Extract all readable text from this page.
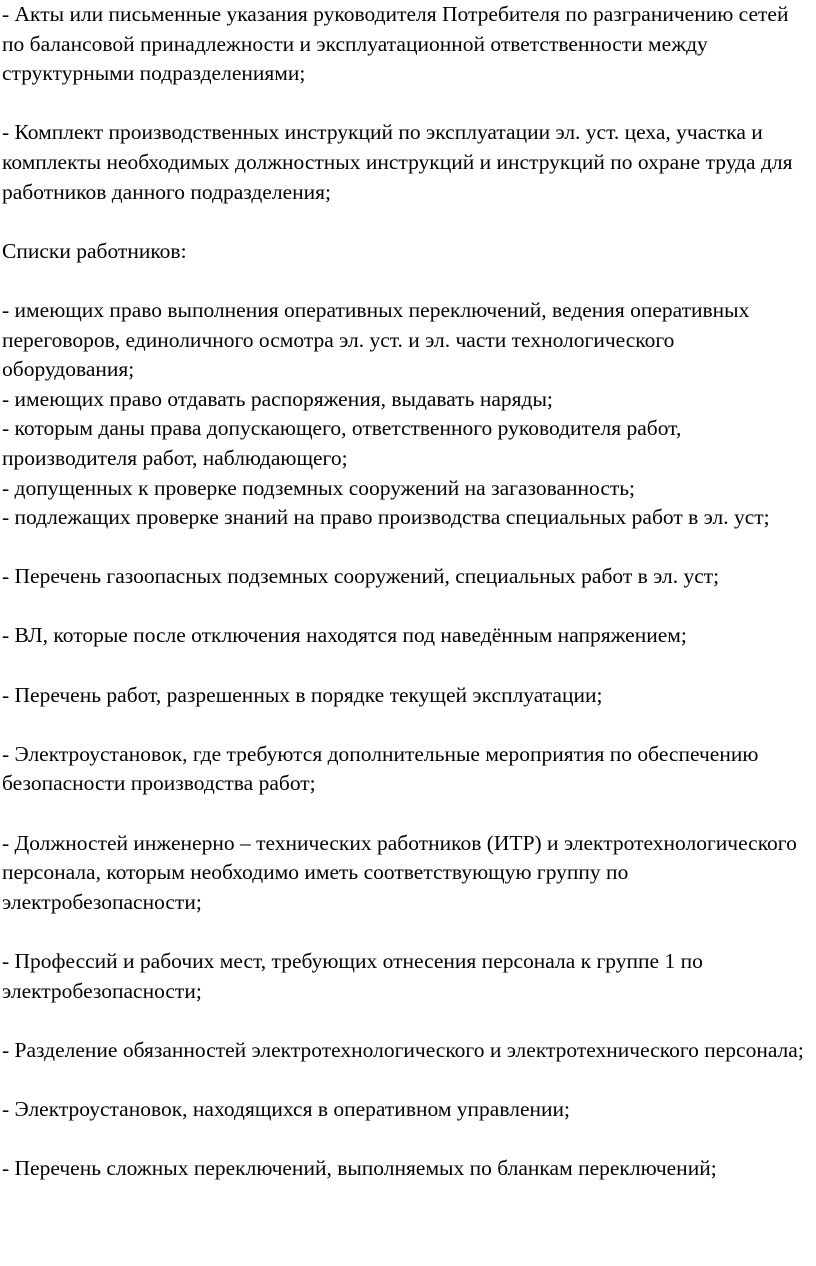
- Акты или письменные указания руководителя Потребителя по разграничению сетей по балансовой принадлежности и эксплуатационной ответственности между структурными подразделениями;

- Комплект производственных инструкций по эксплуатации эл. уст. цеха, участка и комплекты необходимых должностных инструкций и инструкций по охране труда для работников данного подразделения;

Списки работников:

- имеющих право выполнения оперативных переключений, ведения оперативных переговоров, единоличного осмотра эл. уст. и эл. части технологического оборудования;

- имеющих право отдавать распоряжения, выдавать наряды;

- которым даны права допускающего, ответственного руководителя работ, производителя работ, наблюдающего;

- допущенных к проверке подземных сооружений на загазованность;

- подлежащих проверке знаний на право производства специальных работ в эл. уст;

- Перечень газоопасных подземных сооружений, специальных работ в эл. уст;

- ВЛ, которые после отключения находятся под наведённым напряжением;

- Перечень работ, разрешенных в порядке текущей эксплуатации;

- Электроустановок, где требуются дополнительные мероприятия по обеспечению безопасности производства работ;

- Должностей инженерно – технических работников (ИТР) и электротехнологического персонала, которым необходимо иметь соответствующую группу по электробезопасности;

- Профессий и рабочих мест, требующих отнесения персонала к группе 1 по электробезопасности;

- Разделение обязанностей электротехнологического и электротехнического персонала;

- Электроустановок, находящихся в оперативном управлении;

- Перечень сложных переключений, выполняемых по бланкам переключений;
